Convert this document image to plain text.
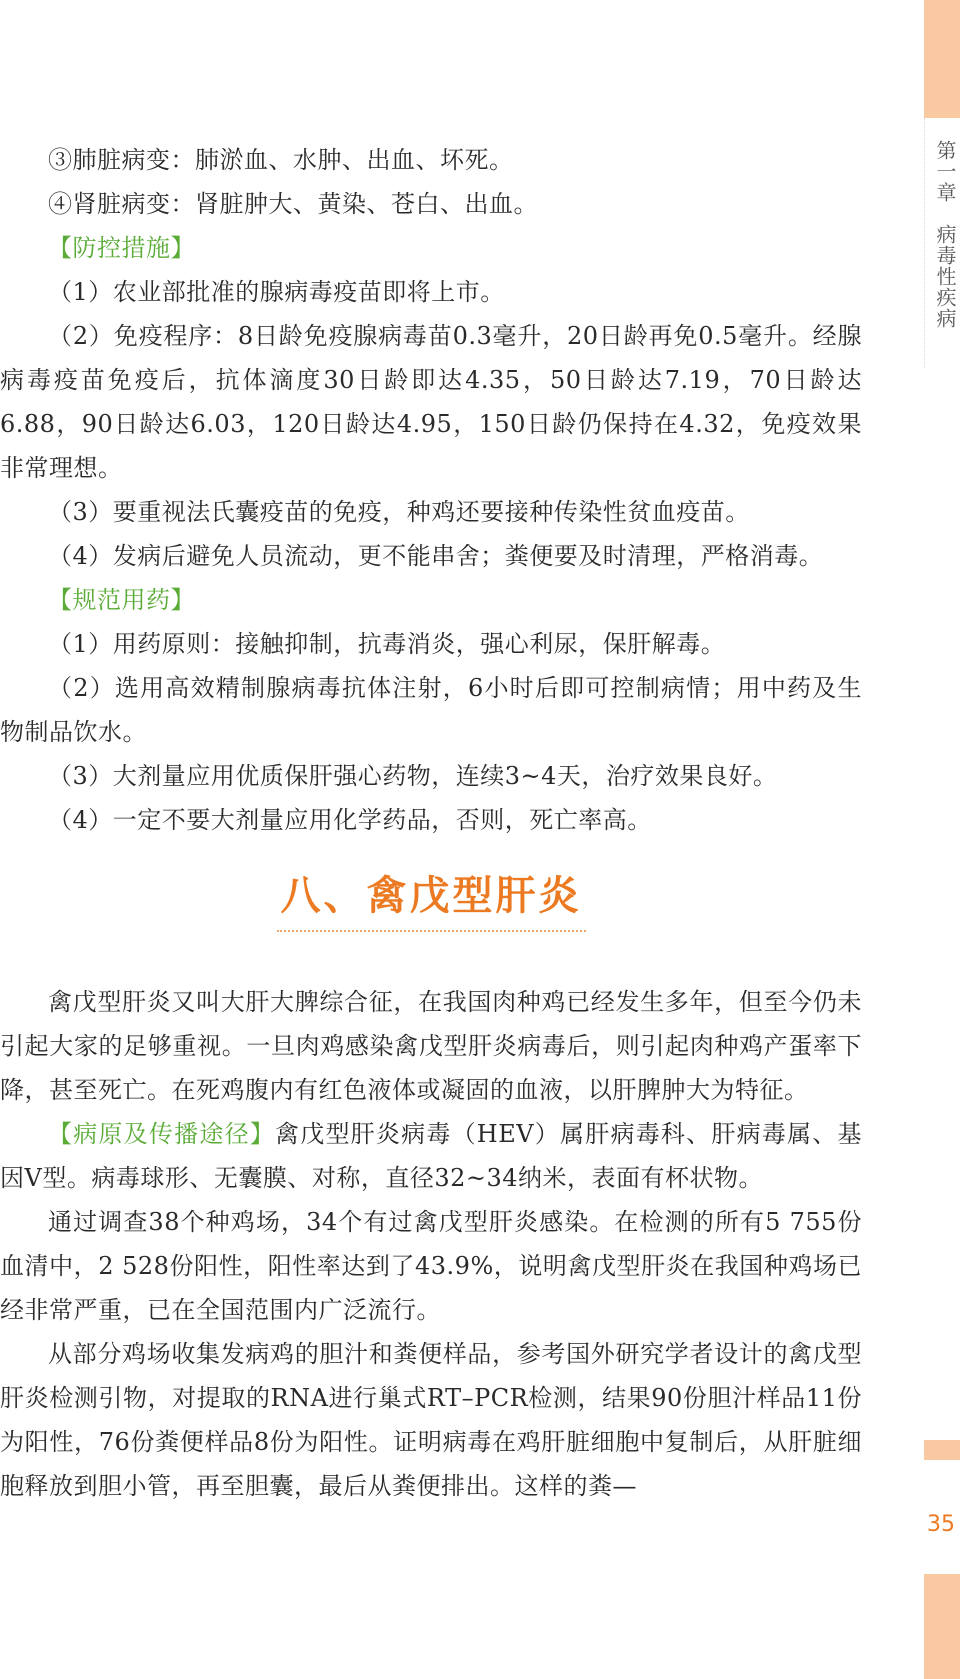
第一章　病毒性疾病
35

③肺脏病变：肺淤血、水肿、出血、坏死。

④肾脏病变：肾脏肿大、黄染、苍白、出血。

【防控措施】

（1）农业部批准的腺病毒疫苗即将上市。

（2）免疫程序：8日龄免疫腺病毒苗0.3毫升，20日龄再免0.5毫升。经腺病毒疫苗免疫后，抗体滴度30日龄即达4.35，50日龄达7.19，70日龄达6.88，90日龄达6.03，120日龄达4.95，150日龄仍保持在4.32，免疫效果非常理想。

（3）要重视法氏囊疫苗的免疫，种鸡还要接种传染性贫血疫苗。

（4）发病后避免人员流动，更不能串舍；粪便要及时清理，严格消毒。

【规范用药】

（1）用药原则：接触抑制，抗毒消炎，强心利尿，保肝解毒。

（2）选用高效精制腺病毒抗体注射，6小时后即可控制病情；用中药及生物制品饮水。

（3）大剂量应用优质保肝强心药物，连续3~4天，治疗效果良好。

（4）一定不要大剂量应用化学药品，否则，死亡率高。

八、禽戊型肝炎

禽戊型肝炎又叫大肝大脾综合征，在我国肉种鸡已经发生多年，但至今仍未引起大家的足够重视。一旦肉鸡感染禽戊型肝炎病毒后，则引起肉种鸡产蛋率下降，甚至死亡。在死鸡腹内有红色液体或凝固的血液，以肝脾肿大为特征。

【病原及传播途径】禽戊型肝炎病毒（HEV）属肝病毒科、肝病毒属、基因Ⅴ型。病毒球形、无囊膜、对称，直径32~34纳米，表面有杯状物。

通过调查38个种鸡场，34个有过禽戊型肝炎感染。在检测的所有5 755份血清中，2 528份阳性，阳性率达到了43.9%，说明禽戊型肝炎在我国种鸡场已经非常严重，已在全国范围内广泛流行。

从部分鸡场收集发病鸡的胆汁和粪便样品，参考国外研究学者设计的禽戊型肝炎检测引物，对提取的RNA进行巢式RT–PCR检测，结果90份胆汁样品11份为阳性，76份粪便样品8份为阳性。证明病毒在鸡肝脏细胞中复制后，从肝脏细胞释放到胆小管，再至胆囊，最后从粪便排出。这样的粪—
